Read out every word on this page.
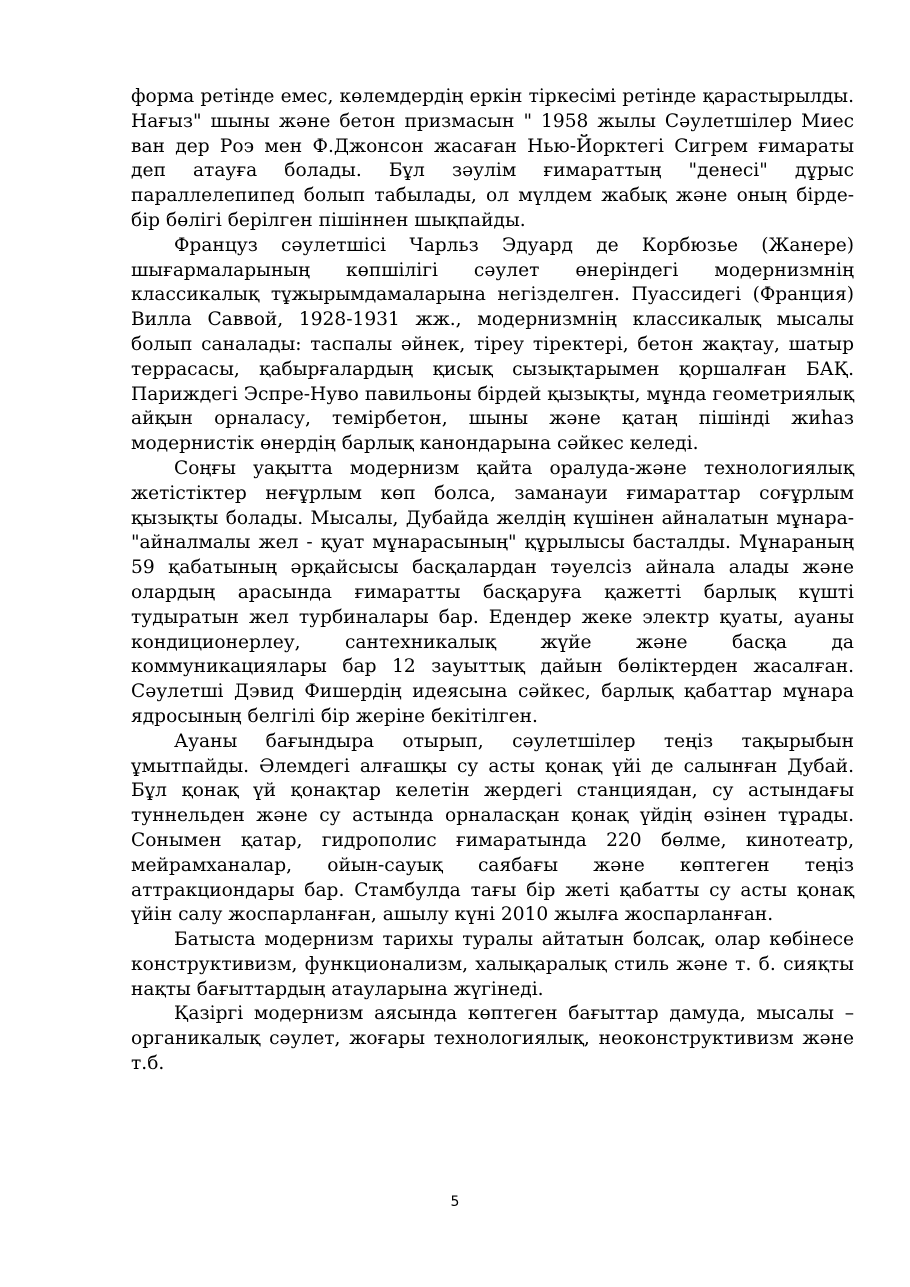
форма ретінде емес, көлемдердің еркін тіркесімі ретінде қарастырылды. Нағыз" шыны және бетон призмасын " 1958 жылы Сәулетшілер Миес ван дер Роэ мен Ф.Джонсон жасаған Нью-Йорктегі Сигрем ғимараты деп атауға болады. Бұл зәулім ғимараттың "денесі" дұрыс параллелепипед болып табылады, ол мүлдем жабық және оның бірде-бір бөлігі берілген пішіннен шықпайды.

Француз сәулетшісі Чарльз Эдуард де Корбюзье (Жанере) шығармаларының көпшілігі сәулет өнеріндегі модернизмнің классикалық тұжырымдамаларына негізделген. Пуассидегі (Франция) Вилла Саввой, 1928-1931 жж., модернизмнің классикалық мысалы болып саналады: таспалы әйнек, тіреу тіректері, бетон жақтау, шатыр террасасы, қабырғалардың қисық сызықтарымен қоршалған БАҚ. Париждегі Эспре-Нуво павильоны бірдей қызықты, мұнда геометриялық айқын орналасу, темірбетон, шыны және қатаң пішінді жиһаз модернистік өнердің барлық канондарына сәйкес келеді.

Соңғы уақытта модернизм қайта оралуда-және технологиялық жетістіктер неғұрлым көп болса, заманауи ғимараттар соғұрлым қызықты болады. Мысалы, Дубайда желдің күшінен айналатын мұнара-"айналмалы жел - қуат мұнарасының" құрылысы басталды. Мұнараның 59 қабатының әрқайсысы басқалардан тәуелсіз айнала алады және олардың арасында ғимаратты басқаруға қажетті барлық күшті тудыратын жел турбиналары бар. Едендер жеке электр қуаты, ауаны кондиционерлеу, сантехникалық жүйе және басқа да коммуникациялары бар 12 зауыттық дайын бөліктерден жасалған. Сәулетші Дэвид Фишердің идеясына сәйкес, барлық қабаттар мұнара ядросының белгілі бір жеріне бекітілген.

Ауаны бағындыра отырып, сәулетшілер теңіз тақырыбын ұмытпайды. Әлемдегі алғашқы су асты қонақ үйі де салынған Дубай. Бұл қонақ үй қонақтар келетін жердегі станциядан, су астындағы туннельден және су астында орналасқан қонақ үйдің өзінен тұрады. Сонымен қатар, гидрополис ғимаратында 220 бөлме, кинотеатр, мейрамханалар, ойын-сауық саябағы және көптеген теңіз аттракциондары бар. Стамбулда тағы бір жеті қабатты су асты қонақ үйін салу жоспарланған, ашылу күні 2010 жылға жоспарланған.

Батыста модернизм тарихы туралы айтатын болсақ, олар көбінесе конструктивизм, функционализм, халықаралық стиль және т. б. сияқты нақты бағыттардың атауларына жүгінеді.

Қазіргі модернизм аясында көптеген бағыттар дамуда, мысалы – органикалық сәулет, жоғары технологиялық, неоконструктивизм және т.б.

5
